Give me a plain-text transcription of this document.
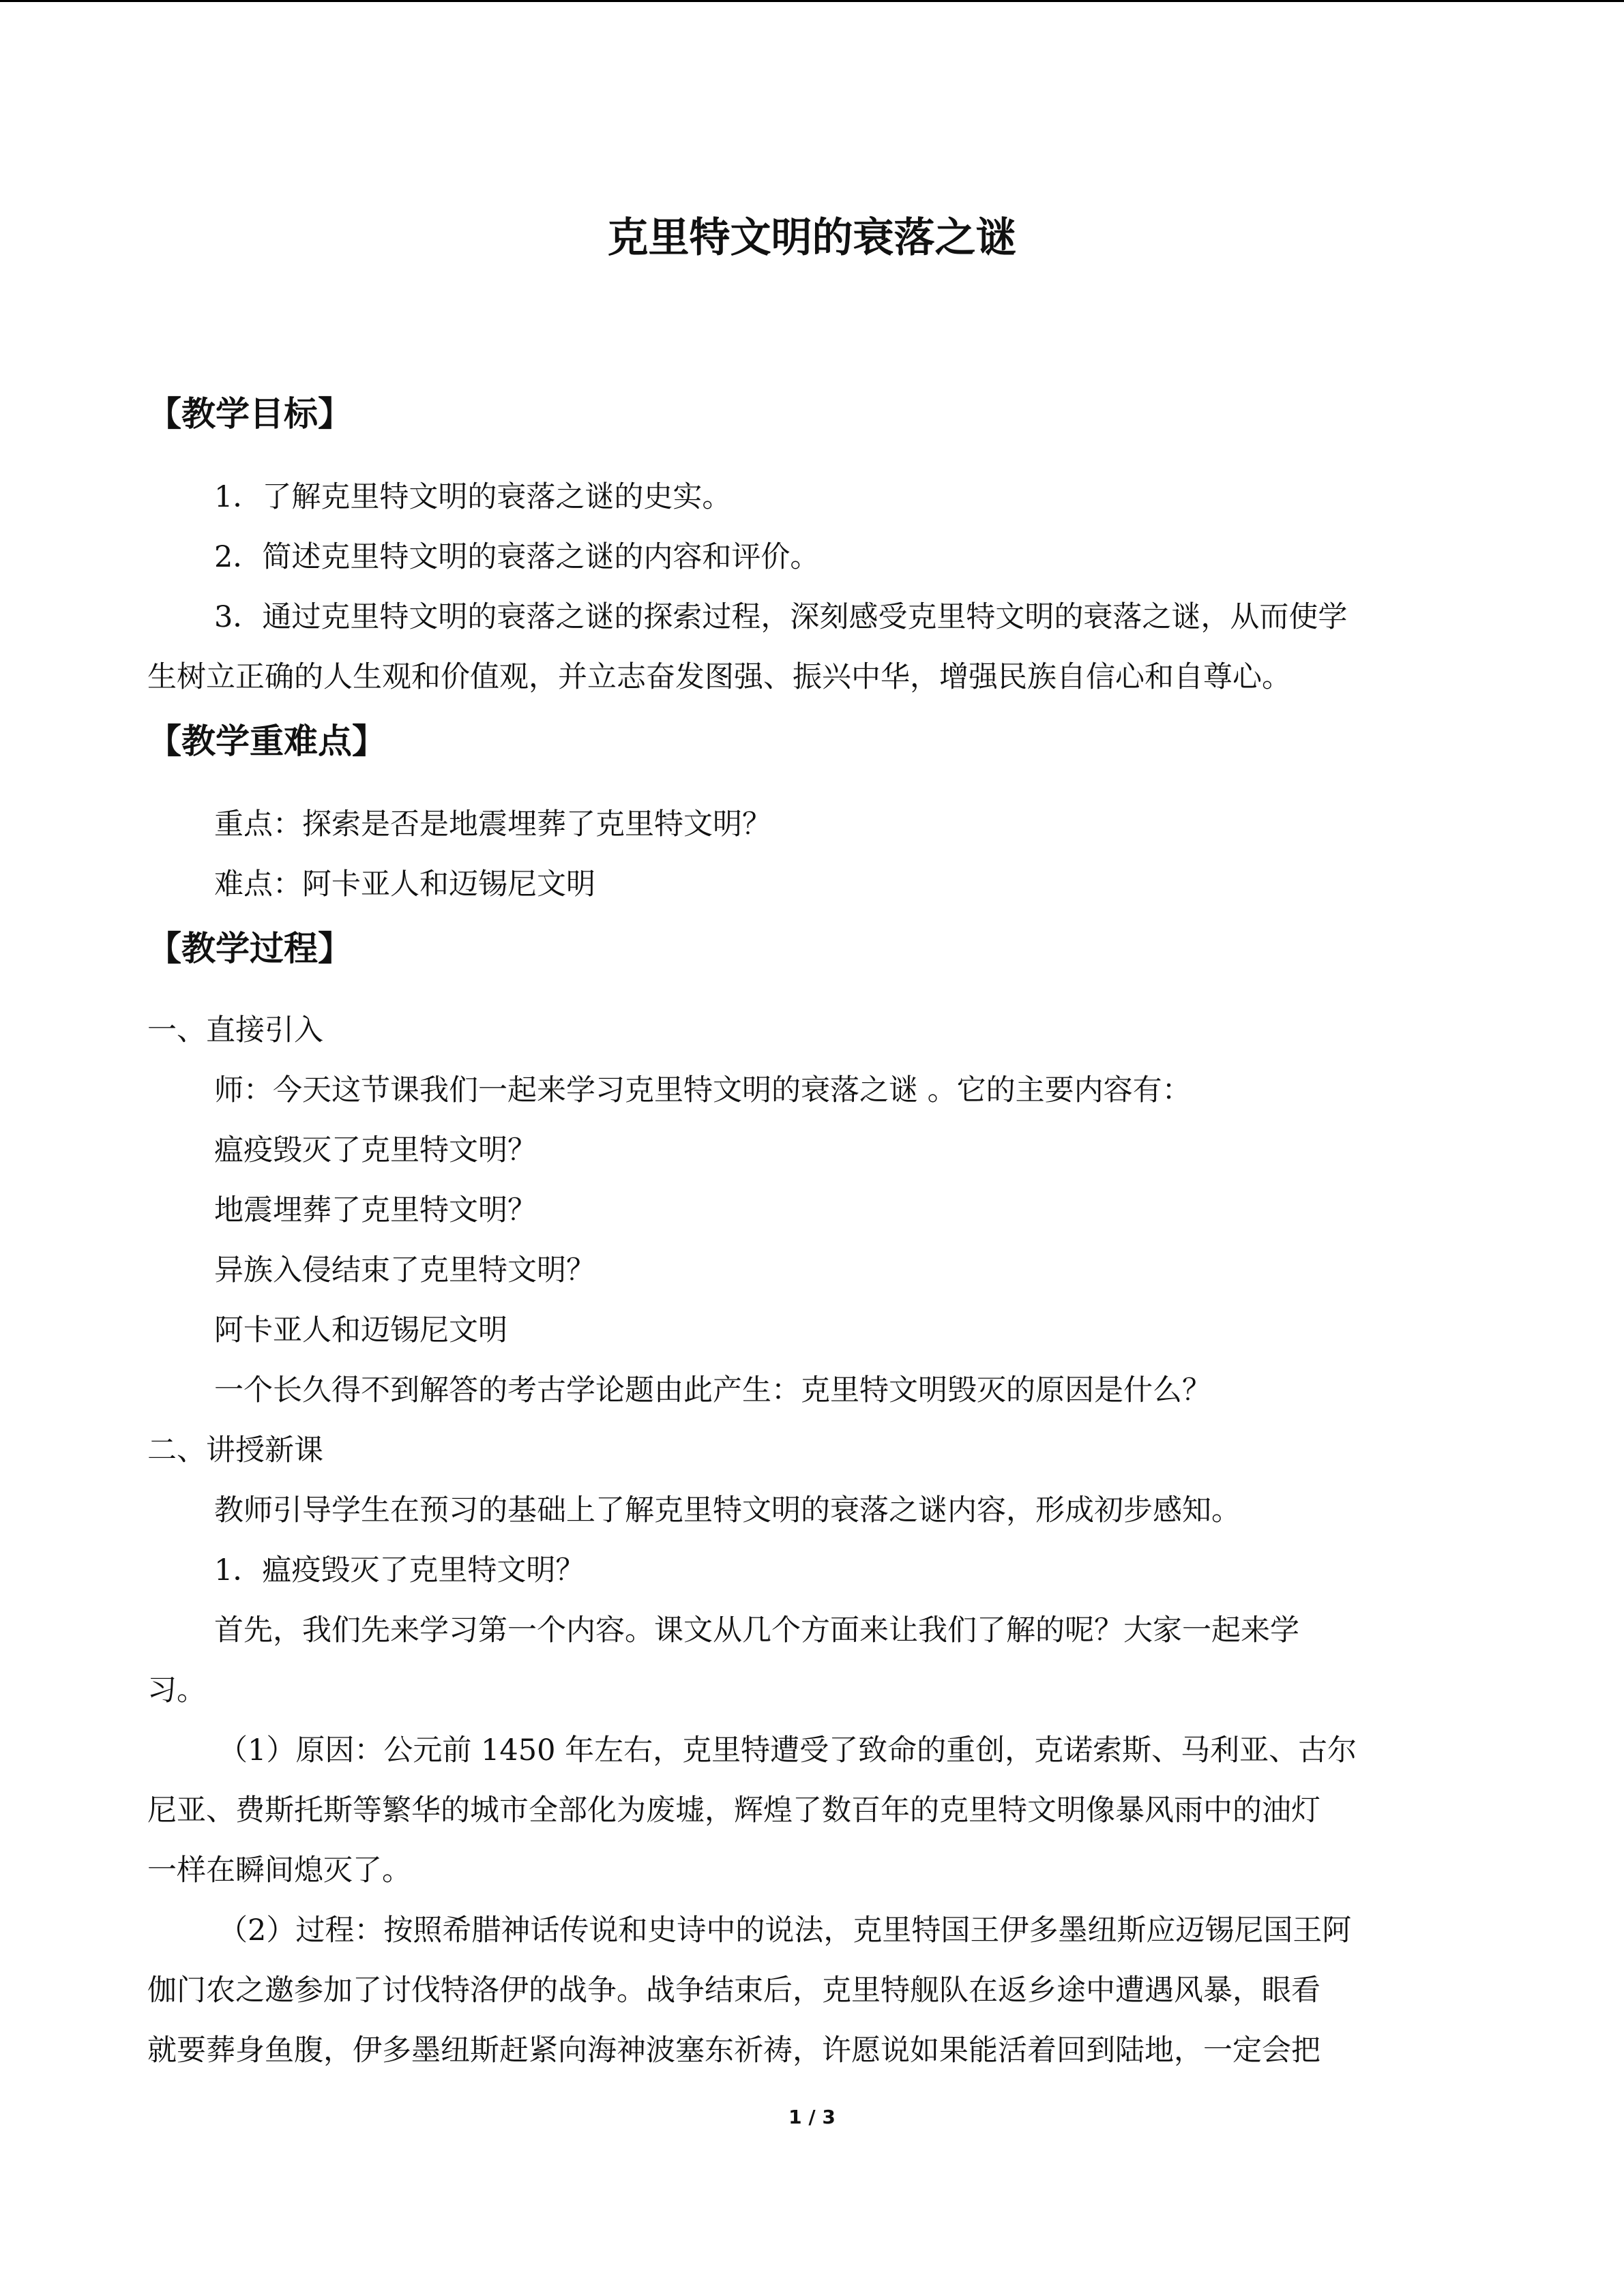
克里特文明的衰落之谜
【教学目标】
1．了解克里特文明的衰落之谜的史实。
2．简述克里特文明的衰落之谜的内容和评价。
3．通过克里特文明的衰落之谜的探索过程，深刻感受克里特文明的衰落之谜，从而使学
生树立正确的人生观和价值观，并立志奋发图强、振兴中华，增强民族自信心和自尊心。
【教学重难点】
重点：探索是否是地震埋葬了克里特文明？
难点：阿卡亚人和迈锡尼文明
【教学过程】
一、直接引入
师：今天这节课我们一起来学习克里特文明的衰落之谜 。它的主要内容有：
瘟疫毁灭了克里特文明？
地震埋葬了克里特文明？
异族入侵结束了克里特文明？
阿卡亚人和迈锡尼文明
一个长久得不到解答的考古学论题由此产生：克里特文明毁灭的原因是什么？
二、讲授新课
教师引导学生在预习的基础上了解克里特文明的衰落之谜内容，形成初步感知。
1．瘟疫毁灭了克里特文明？
首先，我们先来学习第一个内容。课文从几个方面来让我们了解的呢？大家一起来学
习。
（1）原因：公元前 1450 年左右，克里特遭受了致命的重创，克诺索斯、马利亚、古尔
尼亚、费斯托斯等繁华的城市全部化为废墟，辉煌了数百年的克里特文明像暴风雨中的油灯
一样在瞬间熄灭了。
（2）过程：按照希腊神话传说和史诗中的说法，克里特国王伊多墨纽斯应迈锡尼国王阿
伽门农之邀参加了讨伐特洛伊的战争。战争结束后，克里特舰队在返乡途中遭遇风暴，眼看
就要葬身鱼腹，伊多墨纽斯赶紧向海神波塞东祈祷，许愿说如果能活着回到陆地，一定会把
1 / 3
